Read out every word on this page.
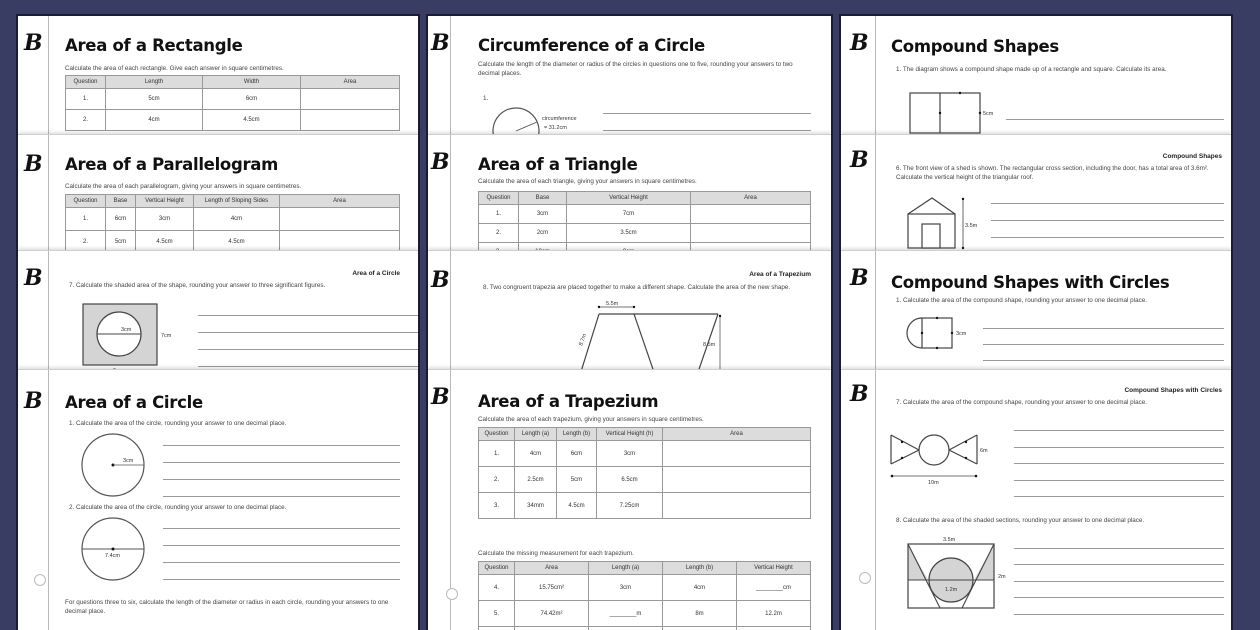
B Area of a Rectangle
Calculate the area of each rectangle. Give each answer in square centimetres.
Question	Length	Width	Area
1.	5cm	6cm	
2.	4cm	4.5cm	
B Area of a Parallelogram
Calculate the area of each parallelogram, giving your answers in square centimetres.
Question	Base	Vertical Height	Length of Sloping Sides	Area
1.	6cm	3cm	4cm	
2.	5cm	4.5cm	4.5cm	
B	Area of a Circle
7. Calculate the shaded area of the shape, rounding your answer to three significant figures.
3cm
7cm
B Area of a Circle
1. Calculate the area of the circle, rounding your answer to one decimal place.
3cm
2. Calculate the area of the circle, rounding your answer to one decimal place.
7.4cm
For questions three to six, calculate the length of the diameter or radius in each circle, rounding your answers to one decimal place.
B Circumference of a Circle
Calculate the length of the diameter or radius of the circles in questions one to five, rounding your answers to two decimal places.
1.
circumference
= 31.2cm
B Area of a Triangle
Calculate the area of each triangle, giving your answers in square centimetres.
Question	Base	Vertical Height	Area
1.	3cm	7cm	
2.	2cm	3.5cm	

B	Area of a Trapezium
8. Two congruent trapezia are placed together to make a different shape. Calculate the area of the new shape.
5.5m
8.5m
8.7m
B Area of a Trapezium
Calculate the area of each trapezium, giving your answers in square centimetres.
Question	Length (a)	Length (b)	Vertical Height (h)	Area
1.	4cm	6cm	3cm	
2.	2.5cm	5cm	6.5cm	
3.	34mm	4.5cm	7.25cm	
Calculate the missing measurement for each trapezium.
Question	Area	Length (a)	Length (b)	Vertical Height
4.	15.75cm²	3cm	4cm	________cm
5.	74.42m²	________m	8m	12.2m

B Compound Shapes
1. The diagram shows a compound shape made up of a rectangle and square. Calculate its area.
5cm
B	Compound Shapes
6. The front view of a shed is shown. The rectangular cross section, including the door, has a total area of 3.6m². Calculate the vertical height of the triangular roof.
3.5m
B Compound Shapes with Circles
1. Calculate the area of the compound shape, rounding your answer to one decimal place.
3cm
B	Compound Shapes with Circles
7. Calculate the area of the compound shape, rounding your answer to one decimal place.
6m
10m
8. Calculate the area of the shaded sections, rounding your answer to one decimal place.
3.5m
2m
1.2m
